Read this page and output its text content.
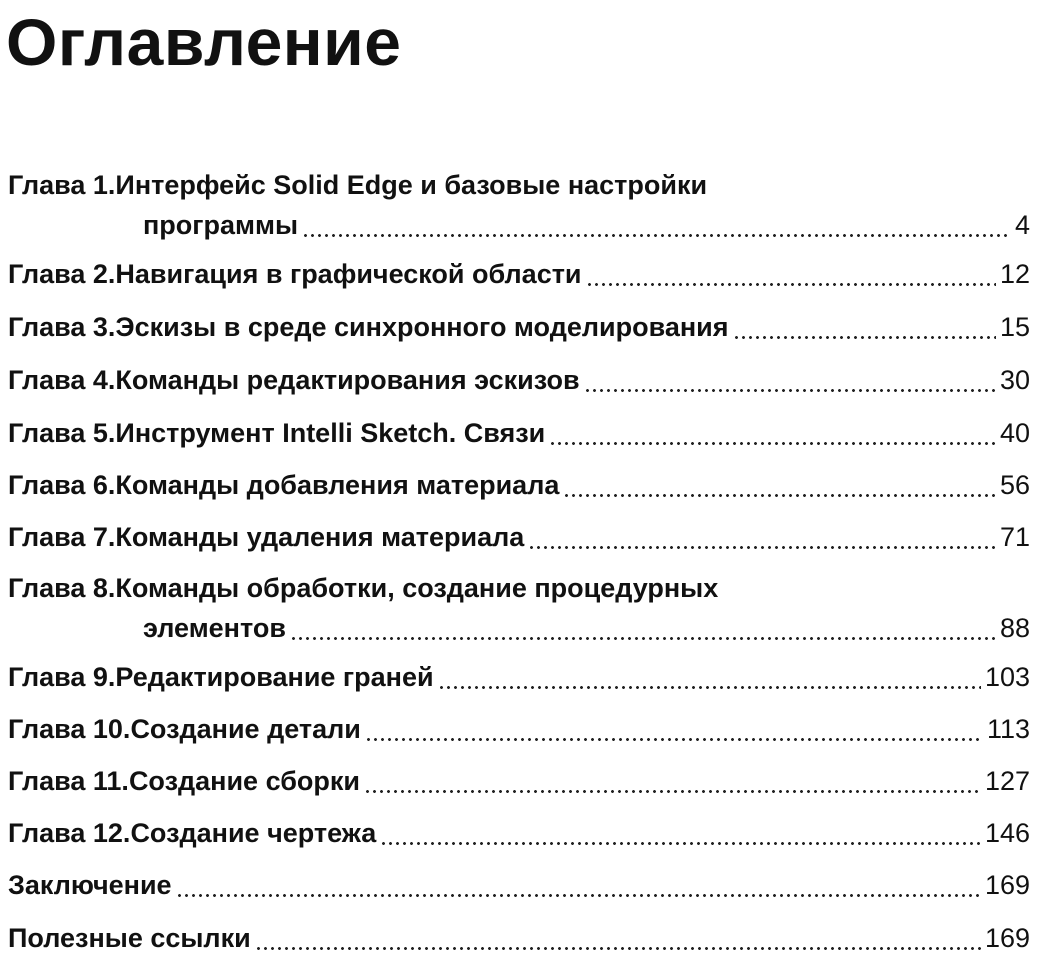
Оглавление
Глава 1. Интерфейс Solid Edge и базовые настройки
программы	4
Глава 2. Навигация в графической области	12
Глава 3. Эскизы в среде синхронного моделирования	15
Глава 4. Команды редактирования эскизов	30
Глава 5. Инструмент Intelli Sketch. Связи	40
Глава 6. Команды добавления материала	56
Глава 7. Команды удаления материала	71
Глава 8. Команды обработки, создание процедурных
элементов	88
Глава 9. Редактирование граней	103
Глава 10. Создание детали	113
Глава 11. Создание сборки	127
Глава 12. Создание чертежа	146
Заключение	169
Полезные ссылки	169
